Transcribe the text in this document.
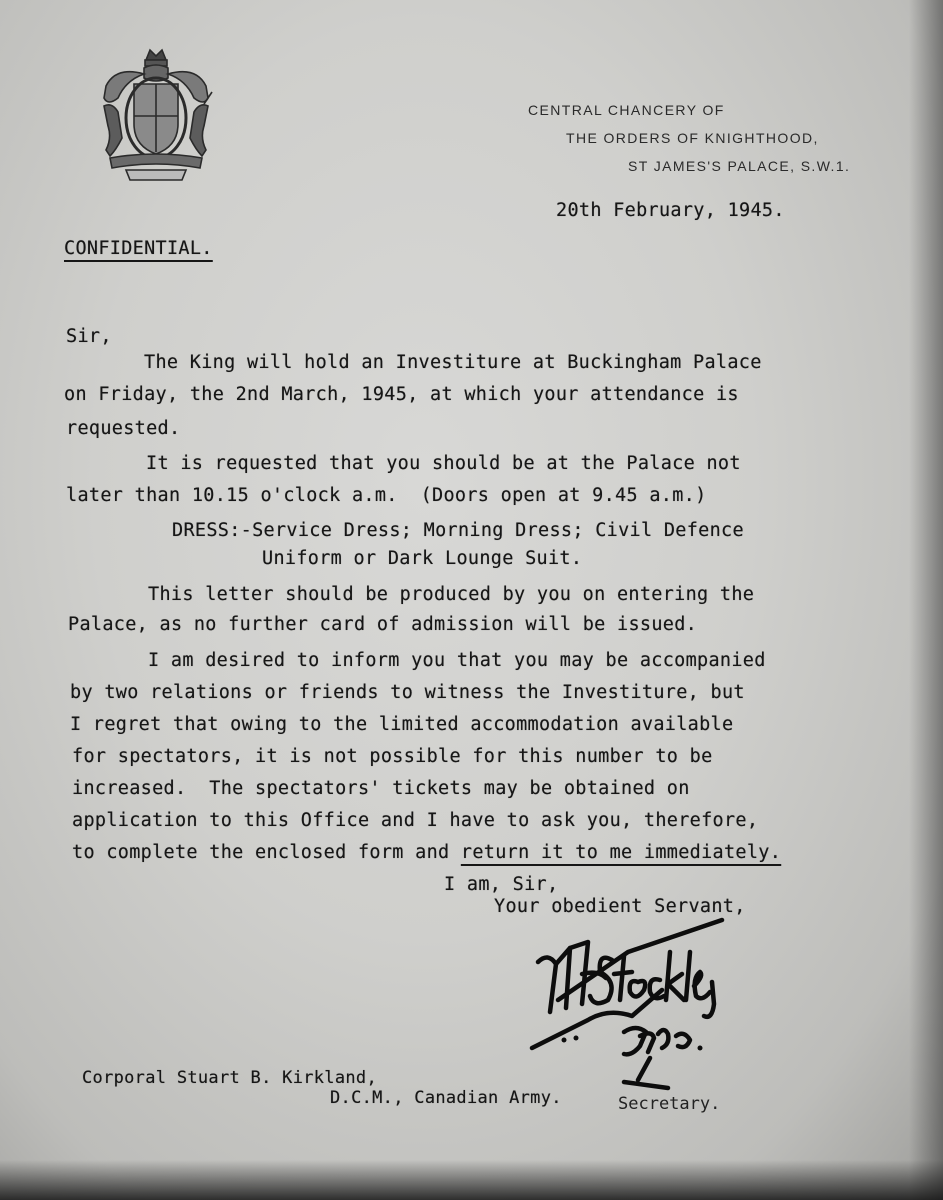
CENTRAL CHANCERY OF
THE ORDERS OF KNIGHTHOOD,
ST JAMES'S PALACE, S.W.1.
20th February, 1945.
CONFIDENTIAL.
Sir,
The King will hold an Investiture at Buckingham Palace
on Friday, the 2nd March, 1945, at which your attendance is
requested.
It is requested that you should be at the Palace not
later than 10.15 o'clock a.m.  (Doors open at 9.45 a.m.)
DRESS:-Service Dress; Morning Dress; Civil Defence
Uniform or Dark Lounge Suit.
This letter should be produced by you on entering the
Palace, as no further card of admission will be issued.
I am desired to inform you that you may be accompanied
by two relations or friends to witness the Investiture, but
I regret that owing to the limited accommodation available
for spectators, it is not possible for this number to be
increased.  The spectators' tickets may be obtained on
application to this Office and I have to ask you, therefore,
to complete the enclosed form and return it to me immediately.
I am, Sir,
Your obedient Servant,
Secretary.
Corporal Stuart B. Kirkland,
D.C.M., Canadian Army.
